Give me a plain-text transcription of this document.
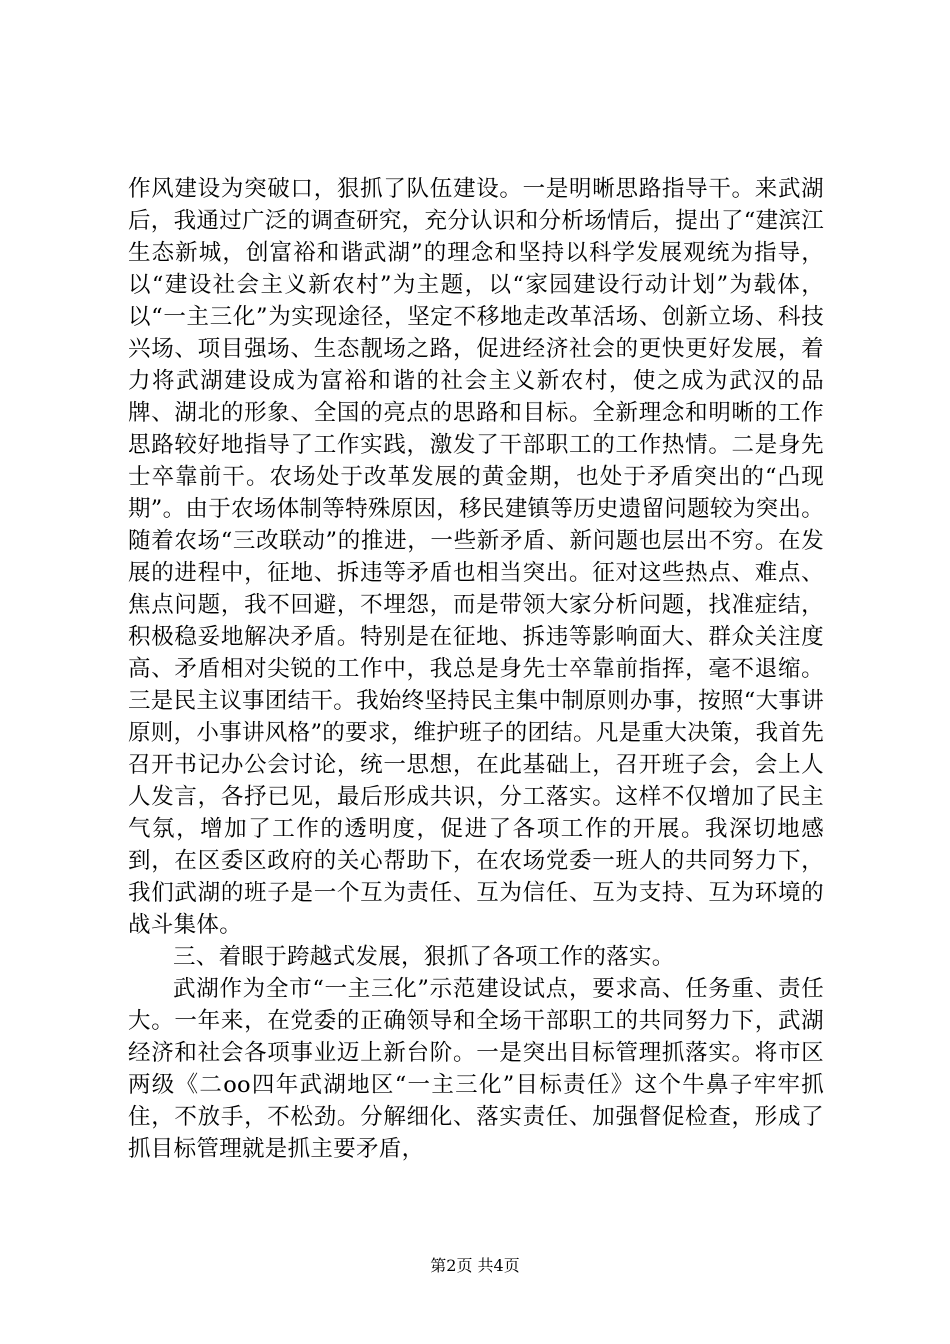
作风建设为突破口，狠抓了队伍建设。一是明晰思路指导干。来武湖后，我通过广泛的调查研究，充分认识和分析场情后，提出了“建滨江生态新城，创富裕和谐武湖”的理念和坚持以科学发展观统为指导，以“建设社会主义新农村”为主题，以“家园建设行动计划”为载体，以“一主三化”为实现途径，坚定不移地走改革活场、创新立场、科技兴场、项目强场、生态靓场之路，促进经济社会的更快更好发展，着力将武湖建设成为富裕和谐的社会主义新农村，使之成为武汉的品牌、湖北的形象、全国的亮点的思路和目标。全新理念和明晰的工作思路较好地指导了工作实践，激发了干部职工的工作热情。二是身先士卒靠前干。农场处于改革发展的黄金期，也处于矛盾突出的“凸现期”。由于农场体制等特殊原因，移民建镇等历史遗留问题较为突出。随着农场“三改联动”的推进，一些新矛盾、新问题也层出不穷。在发展的进程中，征地、拆违等矛盾也相当突出。征对这些热点、难点、焦点问题，我不回避，不埋怨，而是带领大家分析问题，找准症结，积极稳妥地解决矛盾。特别是在征地、拆违等影响面大、群众关注度高、矛盾相对尖锐的工作中，我总是身先士卒靠前指挥，毫不退缩。三是民主议事团结干。我始终坚持民主集中制原则办事，按照“大事讲原则，小事讲风格”的要求，维护班子的团结。凡是重大决策，我首先召开书记办公会讨论，统一思想，在此基础上，召开班子会，会上人人发言，各抒已见，最后形成共识，分工落实。这样不仅增加了民主气氛，增加了工作的透明度，促进了各项工作的开展。我深切地感到，在区委区政府的关心帮助下，在农场党委一班人的共同努力下，我们武湖的班子是一个互为责任、互为信任、互为支持、互为环境的战斗集体。

三、着眼于跨越式发展，狠抓了各项工作的落实。

武湖作为全市“一主三化”示范建设试点，要求高、任务重、责任大。一年来，在党委的正确领导和全场干部职工的共同努力下，武湖经济和社会各项事业迈上新台阶。一是突出目标管理抓落实。将市区两级《二oo四年武湖地区“一主三化”目标责任》这个牛鼻子牢牢抓住，不放手，不松劲。分解细化、落实责任、加强督促检查，形成了抓目标管理就是抓主要矛盾，

第2页 共4页
